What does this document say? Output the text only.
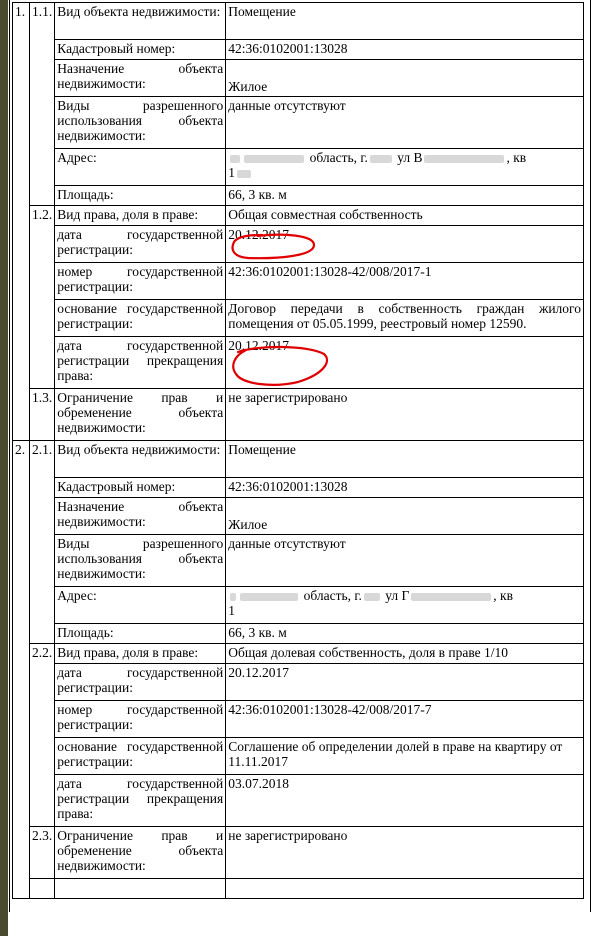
1.	1.1.	Вид объекта недвижимости:	Помещение
		Кадастровый номер:	42:36:0102001:13028
		Назначение объекта недвижимости:	Жилое
		Виды разрешенного использования объекта недвижимости:	данные отсутствуют
		Адрес:	область, г. ул В , кв
1
		Площадь:	66, 3 кв. м
	1.2.	Вид права, доля в праве:	Общая совместная собственность
		дата государственной регистрации:	20.12.2017
		номер государственной регистрации:	42:36:0102001:13028-42/008/2017-1
		основание государственной регистрации:	Договор передачи в собственность граждан жилого помещения от 05.05.1999, реестровый номер 12590.
		дата государственной регистрации прекращения права:	20.12.2017
	1.3.	Ограничение прав и обременение объекта недвижимости:	не зарегистрировано

2.	2.1.	Вид объекта недвижимости:	Помещение
		Кадастровый номер:	42:36:0102001:13028
		Назначение объекта недвижимости:	Жилое
		Виды разрешенного использования объекта недвижимости:	данные отсутствуют
		Адрес:	область, г. ул Г , кв
1
		Площадь:	66, 3 кв. м
	2.2.	Вид права, доля в праве:	Общая долевая собственность, доля в праве 1/10
		дата государственной регистрации:	20.12.2017
		номер государственной регистрации:	42:36:0102001:13028-42/008/2017-7
		основание государственной регистрации:	Соглашение об определении долей в праве на квартиру от 11.11.2017
		дата государственной регистрации прекращения права:	03.07.2018
	2.3.	Ограничение прав и обременение объекта недвижимости:	не зарегистрировано
